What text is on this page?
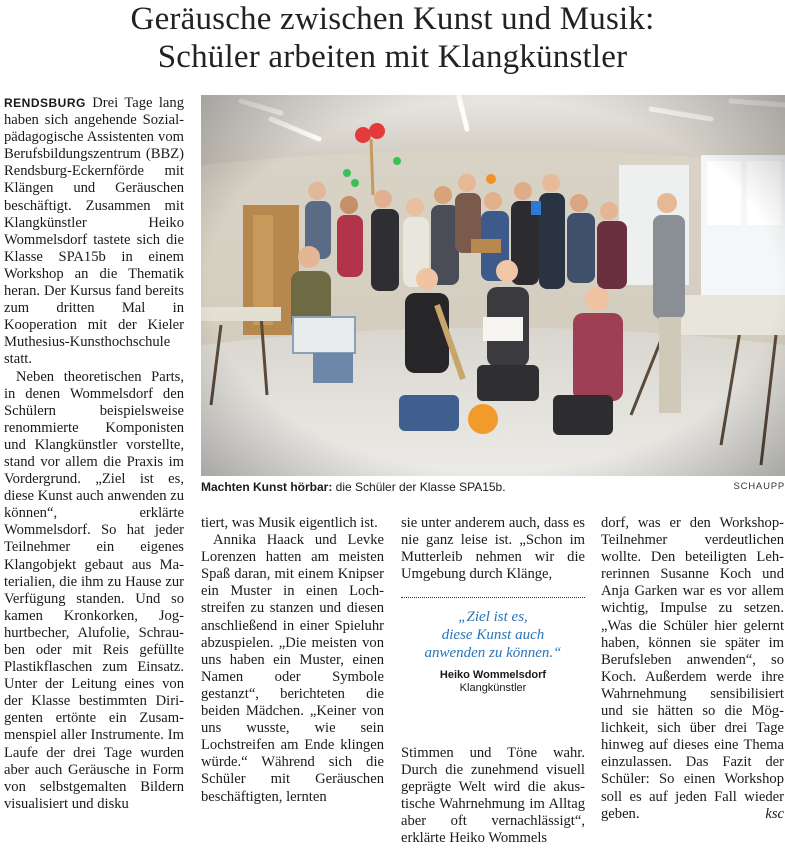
Geräusche zwischen Kunst und Musik:
Schüler arbeiten mit Klangkünstler

RENDSBURG Drei Tage lang haben sich angehende Sozialpädagogische Assistenten vom Berufsbildungszentrum (BBZ) Rendsburg-Eckernförde mit Klängen und Geräuschen beschäftigt. Zusammen mit Klangkünstler Heiko Wommelsdorf tastete sich die Klasse SPA15b in einem Workshop an die Thematik heran. Der Kursus fand bereits zum dritten Mal in Kooperation mit der Kieler Muthesius-Kunsthochschule statt.

Neben theoretischen Parts, in denen Wommelsdorf den Schülern beispielsweise renommierte Komponisten und Klangkünstler vorstellte, stand vor allem die Praxis im Vordergrund. „Ziel ist es, diese Kunst auch anwenden zu können“, erklärte Wommelsdorf. So hat jeder Teilnehmer ein eigenes Klangobjekt gebaut aus Materialien, die ihm zu Hause zur Verfügung standen. Und so kamen Kronkorken, Joghurtbecher, Alufolie, Schrauben oder mit Reis gefüllte Plastikflaschen zum Einsatz. Unter der Leitung eines von der Klasse bestimmten Dirigenten ertönte ein Zusammenspiel aller Instrumente. Im Laufe der drei Tage wurden aber auch Geräusche in Form von selbstgemalten Bildern visualisiert und disku

Machten Kunst hörbar: die Schüler der Klasse SPA15b.	SCHAUPP

tiert, was Musik eigentlich ist.

Annika Haack und Levke Lorenzen hatten am meisten Spaß daran, mit einem Knipser ein Muster in einen Lochstreifen zu stanzen und diesen anschließend in einer Spieluhr abzuspielen. „Die meisten von uns haben ein Muster, einen Namen oder Symbole gestanzt“, berichteten die beiden Mädchen. „Keiner von uns wusste, wie sein Lochstreifen am Ende klingen würde.“ Während sich die Schüler mit Geräuschen beschäftigten, lernten

sie unter anderem auch, dass es nie ganz leise ist. „Schon im Mutterleib nehmen wir die Umgebung durch Klänge,

Stimmen und Töne wahr. Durch die zunehmend visuell geprägte Welt wird die akustische Wahrnehmung im Alltag aber oft vernachlässigt“, erklärte Heiko Wommels

„Ziel ist es,
diese Kunst auch
anwenden zu können.“
Heiko Wommelsdorf
Klangkünstler

dorf, was er den Workshop-Teilnehmer verdeutlichen wollte. Den beteiligten Lehrerinnen Susanne Koch und Anja Garken war es vor allem wichtig, Impulse zu setzen. „Was die Schüler hier gelernt haben, können sie später im Berufsleben anwenden“, so Koch. Außerdem werde ihre Wahrnehmung sensibilisiert und sie hätten so die Möglichkeit, sich über drei Tage hinweg auf dieses eine Thema einzulassen. Das Fazit der Schüler: So einen Workshop soll es auf jeden Fall wieder geben.	ksc
